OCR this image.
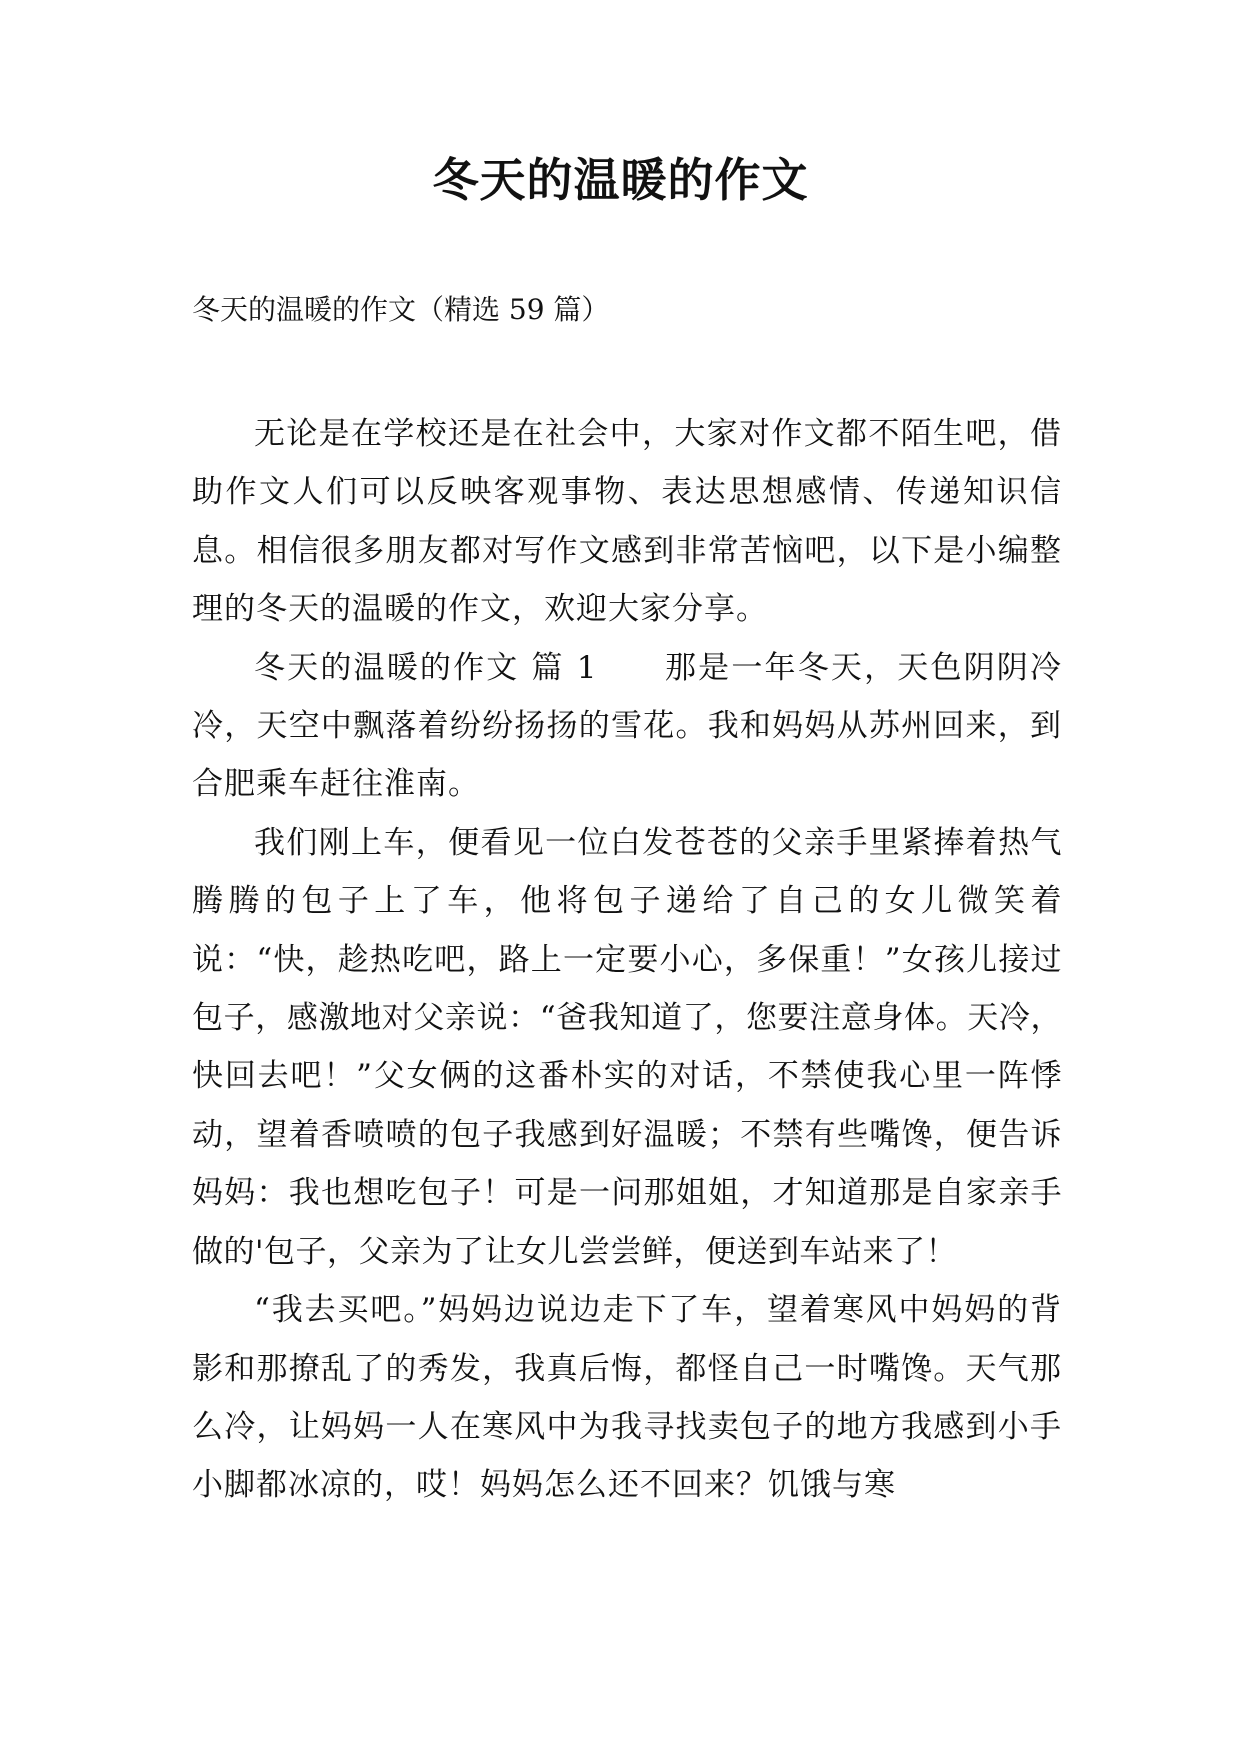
冬天的温暖的作文

冬天的温暖的作文（精选 59 篇）

无论是在学校还是在社会中，大家对作文都不陌生吧，借助作文人们可以反映客观事物、表达思想感情、传递知识信息。相信很多朋友都对写作文感到非常苦恼吧，以下是小编整理的冬天的温暖的作文，欢迎大家分享。

冬天的温暖的作文 篇 1　　那是一年冬天，天色阴阴冷冷，天空中飘落着纷纷扬扬的雪花。我和妈妈从苏州回来，到合肥乘车赶往淮南。

我们刚上车，便看见一位白发苍苍的父亲手里紧捧着热气腾腾的包子上了车，他将包子递给了自己的女儿微笑着说：“快，趁热吃吧，路上一定要小心，多保重！”女孩儿接过包子，感激地对父亲说：“爸我知道了，您要注意身体。天冷，快回去吧！”父女俩的这番朴实的对话，不禁使我心里一阵悸动，望着香喷喷的包子我感到好温暖；不禁有些嘴馋，便告诉妈妈：我也想吃包子！可是一问那姐姐，才知道那是自家亲手做的'包子，父亲为了让女儿尝尝鲜，便送到车站来了！

“我去买吧。”妈妈边说边走下了车，望着寒风中妈妈的背影和那撩乱了的秀发，我真后悔，都怪自己一时嘴馋。天气那么冷，让妈妈一人在寒风中为我寻找卖包子的地方我感到小手小脚都冰凉的，哎！妈妈怎么还不回来？饥饿与寒
